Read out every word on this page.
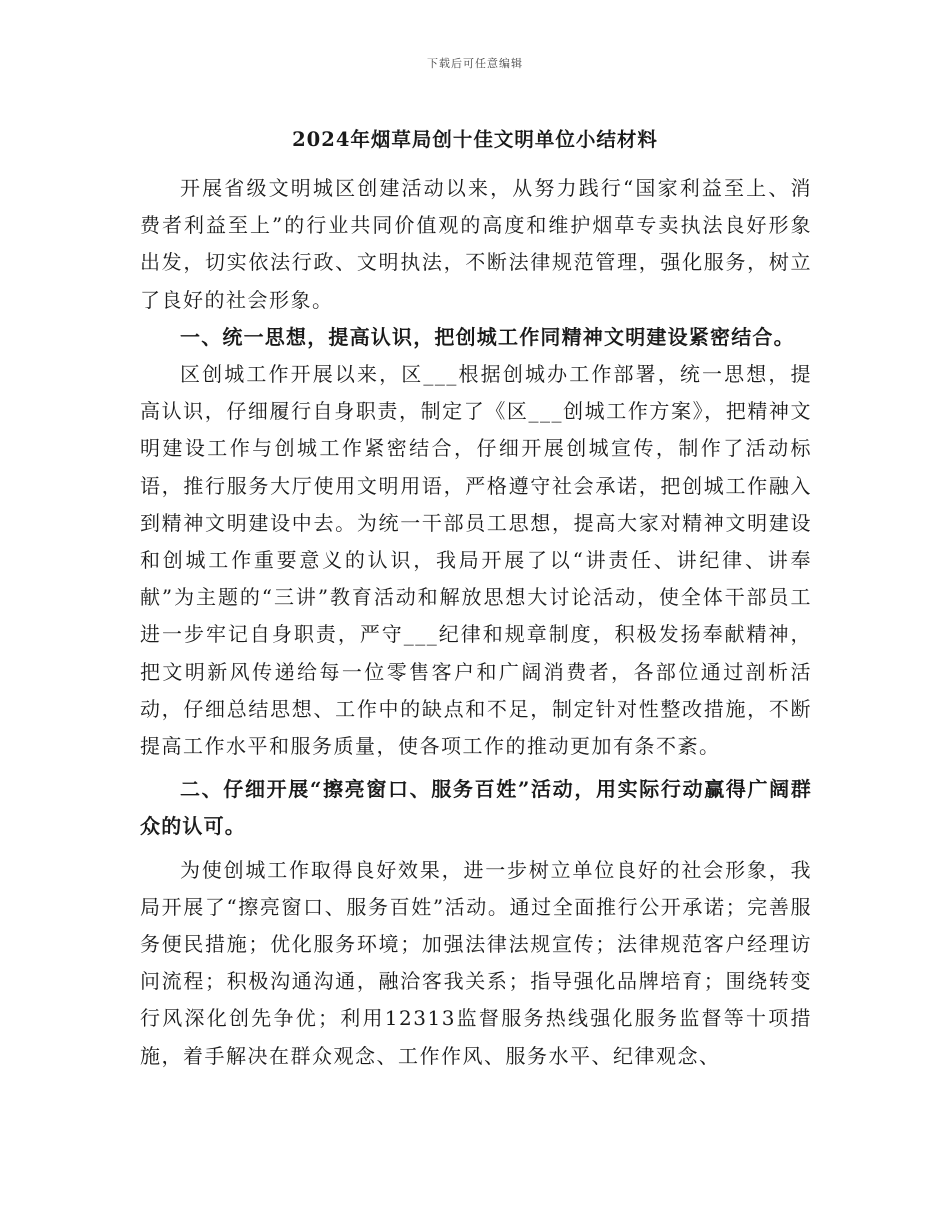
下载后可任意编辑
2024年烟草局创十佳文明单位小结材料

开展省级文明城区创建活动以来，从努力践行“国家利益至上、消费者利益至上”的行业共同价值观的高度和维护烟草专卖执法良好形象出发，切实依法行政、文明执法，不断法律规范管理，强化服务，树立了良好的社会形象。

一、统一思想，提高认识，把创城工作同精神文明建设紧密结合。

区创城工作开展以来，区___根据创城办工作部署，统一思想，提高认识，仔细履行自身职责，制定了《区___创城工作方案》，把精神文明建设工作与创城工作紧密结合，仔细开展创城宣传，制作了活动标语，推行服务大厅使用文明用语，严格遵守社会承诺，把创城工作融入到精神文明建设中去。为统一干部员工思想，提高大家对精神文明建设和创城工作重要意义的认识，我局开展了以“讲责任、讲纪律、讲奉献”为主题的“三讲”教育活动和解放思想大讨论活动，使全体干部员工进一步牢记自身职责，严守___纪律和规章制度，积极发扬奉献精神，把文明新风传递给每一位零售客户和广阔消费者，各部位通过剖析活动，仔细总结思想、工作中的缺点和不足，制定针对性整改措施，不断提高工作水平和服务质量，使各项工作的推动更加有条不紊。

二、仔细开展“擦亮窗口、服务百姓”活动，用实际行动赢得广阔群众的认可。

为使创城工作取得良好效果，进一步树立单位良好的社会形象，我局开展了“擦亮窗口、服务百姓”活动。通过全面推行公开承诺；完善服务便民措施；优化服务环境；加强法律法规宣传；法律规范客户经理访问流程；积极沟通沟通，融洽客我关系；指导强化品牌培育；围绕转变行风深化创先争优；利用12313监督服务热线强化服务监督等十项措施，着手解决在群众观念、工作作风、服务水平、纪律观念、
